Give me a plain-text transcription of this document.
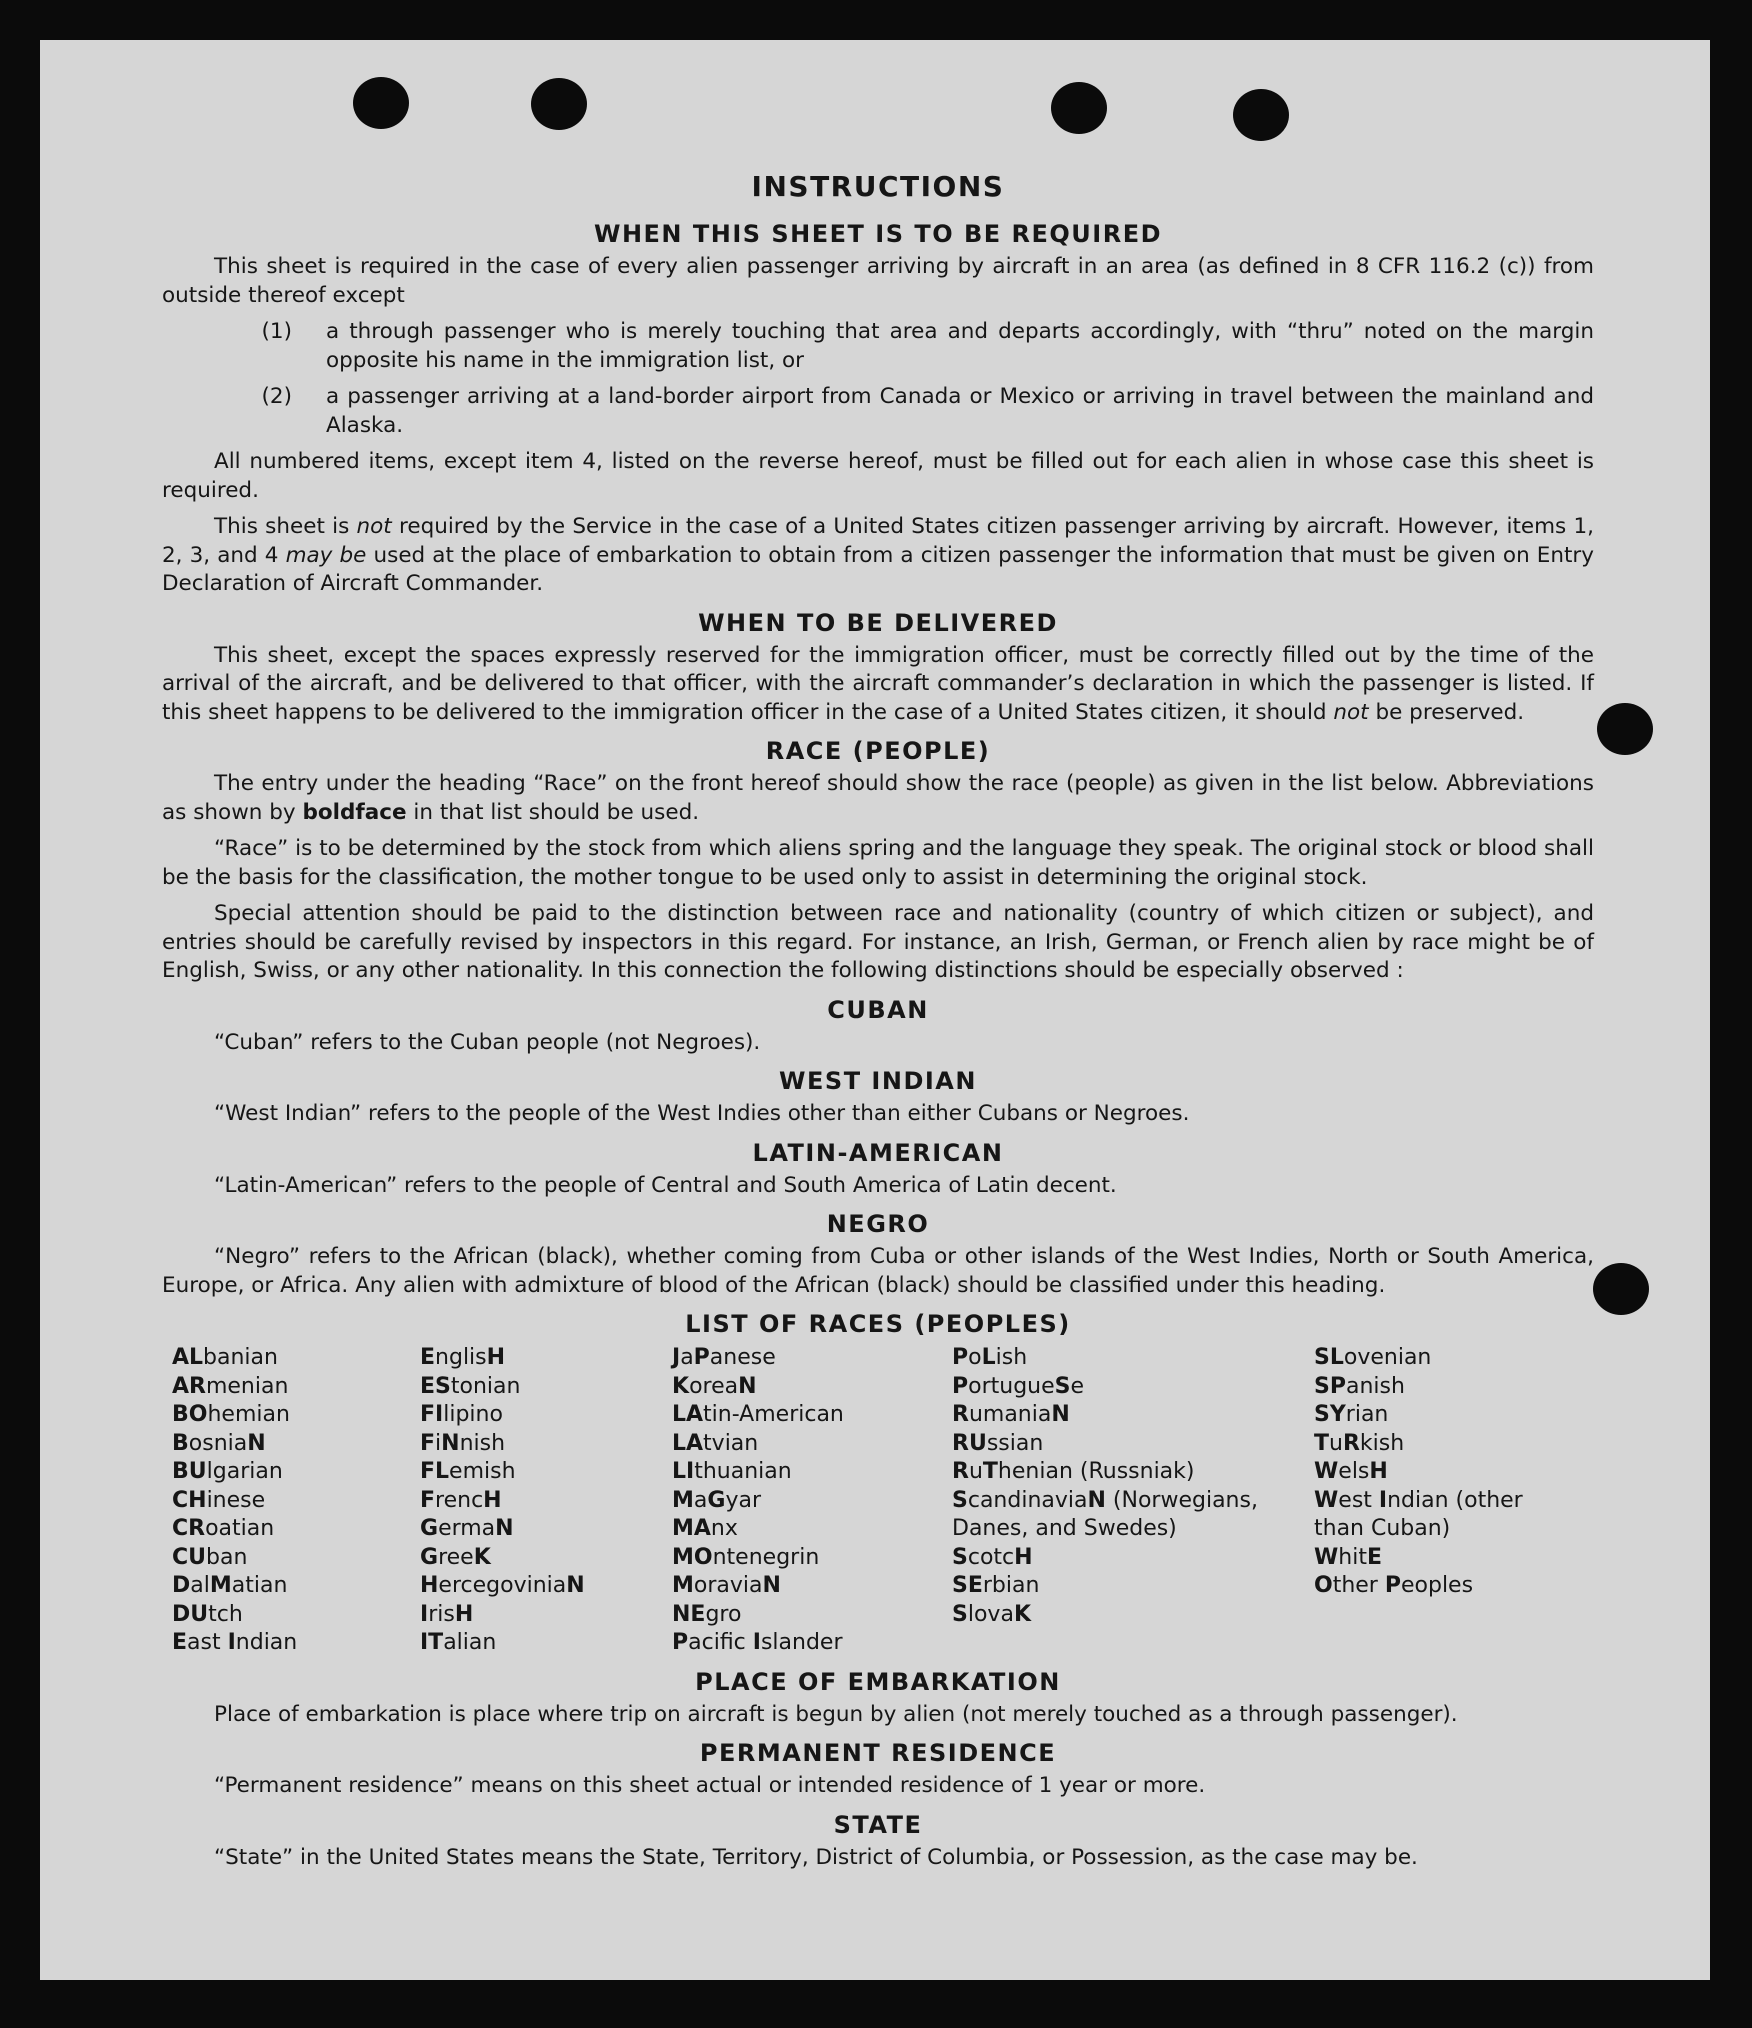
INSTRUCTIONS
WHEN THIS SHEET IS TO BE REQUIRED

This sheet is required in the case of every alien passenger arriving by aircraft in an area (as defined in 8 CFR 116.2 (c)) from outside thereof except

(1)	a through passenger who is merely touching that area and departs accordingly, with “thru” noted on the margin opposite his name in the immigration list, or
(2)	a passenger arriving at a land-border airport from Canada or Mexico or arriving in travel between the mainland and Alaska.

All numbered items, except item 4, listed on the reverse hereof, must be filled out for each alien in whose case this sheet is required.

This sheet is not required by the Service in the case of a United States citizen passenger arriving by aircraft. However, items 1, 2, 3, and 4 may be used at the place of embarkation to obtain from a citizen passenger the information that must be given on Entry Declaration of Aircraft Commander.

WHEN TO BE DELIVERED

This sheet, except the spaces expressly reserved for the immigration officer, must be correctly filled out by the time of the arrival of the aircraft, and be delivered to that officer, with the aircraft commander’s declaration in which the passenger is listed. If this sheet happens to be delivered to the immigration officer in the case of a United States citizen, it should not be preserved.

RACE (PEOPLE)

The entry under the heading “Race” on the front hereof should show the race (people) as given in the list below. Abbreviations as shown by boldface in that list should be used.

“Race” is to be determined by the stock from which aliens spring and the language they speak. The original stock or blood shall be the basis for the classification, the mother tongue to be used only to assist in determining the original stock.

Special attention should be paid to the distinction between race and nationality (country of which citizen or subject), and entries should be carefully revised by inspectors in this regard. For instance, an Irish, German, or French alien by race might be of English, Swiss, or any other nationality. In this connection the following distinctions should be especially observed :

CUBAN

“Cuban” refers to the Cuban people (not Negroes).

WEST INDIAN

“West Indian” refers to the people of the West Indies other than either Cubans or Negroes.

LATIN-AMERICAN

“Latin-American” refers to the people of Central and South America of Latin decent.

NEGRO

“Negro” refers to the African (black), whether coming from Cuba or other islands of the West Indies, North or South America, Europe, or Africa. Any alien with admixture of blood of the African (black) should be classified under this heading.

LIST OF RACES (PEOPLES)
ALbanian
ARmenian
BOhemian
BosniaN
BUlgarian
CHinese
CRoatian
CUban
DalMatian
DUtch
East Indian
EnglisH
EStonian
FIlipino
FiNnish
FLemish
FrencH
GermaN
GreeK
HercegoviniaN
IrisH
ITalian
JaPanese
KoreaN
LAtin-American
LAtvian
LIthuanian
MaGyar
MAnx
MOntenegrin
MoraviaN
NEgro
Pacific Islander
PoLish
PortugueSe
RumaniaN
RUssian
RuThenian (Russniak)
ScandinaviaN (Norwegians, Danes, and Swedes)
ScotcH
SErbian
SlovaK
SLovenian
SPanish
SYrian
TuRkish
WelsH
West Indian (other than Cuban)
WhitE
Other Peoples
PLACE OF EMBARKATION

Place of embarkation is place where trip on aircraft is begun by alien (not merely touched as a through passenger).

PERMANENT RESIDENCE

“Permanent residence” means on this sheet actual or intended residence of 1 year or more.

STATE

“State” in the United States means the State, Territory, District of Columbia, or Possession, as the case may be.
